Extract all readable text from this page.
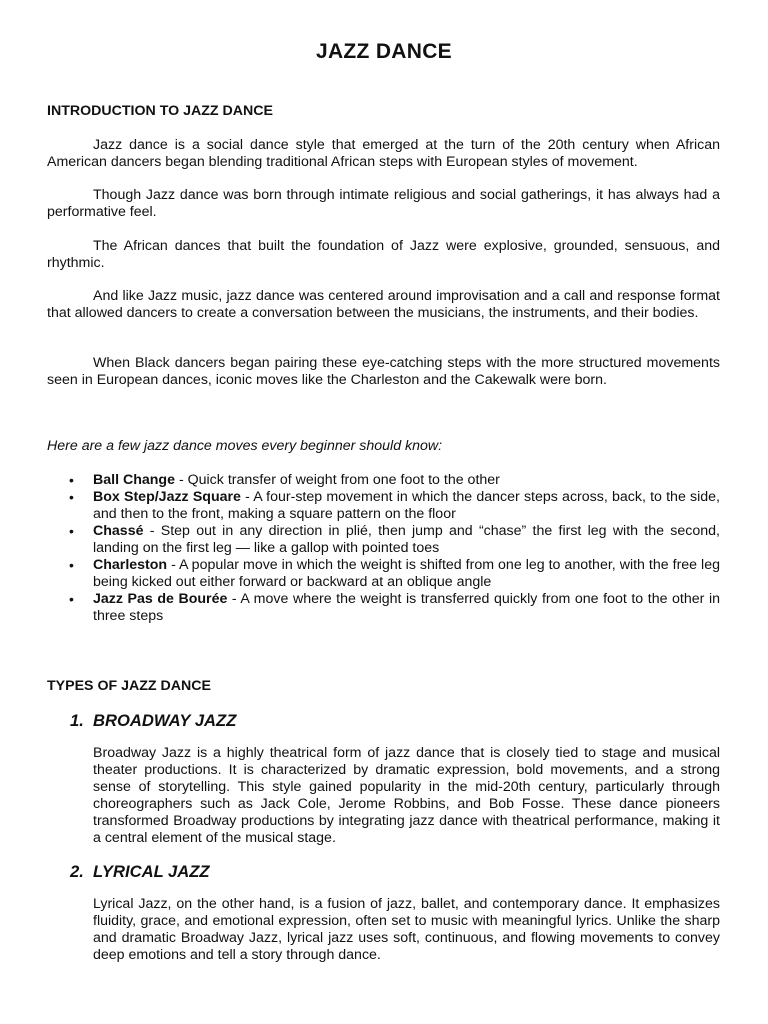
JAZZ DANCE
INTRODUCTION TO JAZZ DANCE

Jazz dance is a social dance style that emerged at the turn of the 20th century when African American dancers began blending traditional African steps with European styles of movement.

Though Jazz dance was born through intimate religious and social gatherings, it has always had a performative feel.

The African dances that built the foundation of Jazz were explosive, grounded, sensuous, and rhythmic.

And like Jazz music, jazz dance was centered around improvisation and a call and response format that allowed dancers to create a conversation between the musicians, the instruments, and their bodies.

When Black dancers began pairing these eye-catching steps with the more structured movements seen in European dances, iconic moves like the Charleston and the Cakewalk were born.

Here are a few jazz dance moves every beginner should know:

• Ball Change - Quick transfer of weight from one foot to the other
• Box Step/Jazz Square - A four-step movement in which the dancer steps across, back, to the side, and then to the front, making a square pattern on the floor
• Chassé - Step out in any direction in plié, then jump and “chase” the first leg with the second, landing on the first leg — like a gallop with pointed toes
• Charleston - A popular move in which the weight is shifted from one leg to another, with the free leg being kicked out either forward or backward at an oblique angle
• Jazz Pas de Bourée - A move where the weight is transferred quickly from one foot to the other in three steps
TYPES OF JAZZ DANCE
1. BROADWAY JAZZ

Broadway Jazz is a highly theatrical form of jazz dance that is closely tied to stage and musical theater productions. It is characterized by dramatic expression, bold movements, and a strong sense of storytelling. This style gained popularity in the mid-20th century, particularly through choreographers such as Jack Cole, Jerome Robbins, and Bob Fosse. These dance pioneers transformed Broadway productions by integrating jazz dance with theatrical performance, making it a central element of the musical stage.

2. LYRICAL JAZZ

Lyrical Jazz, on the other hand, is a fusion of jazz, ballet, and contemporary dance. It emphasizes fluidity, grace, and emotional expression, often set to music with meaningful lyrics. Unlike the sharp and dramatic Broadway Jazz, lyrical jazz uses soft, continuous, and flowing movements to convey deep emotions and tell a story through dance.
